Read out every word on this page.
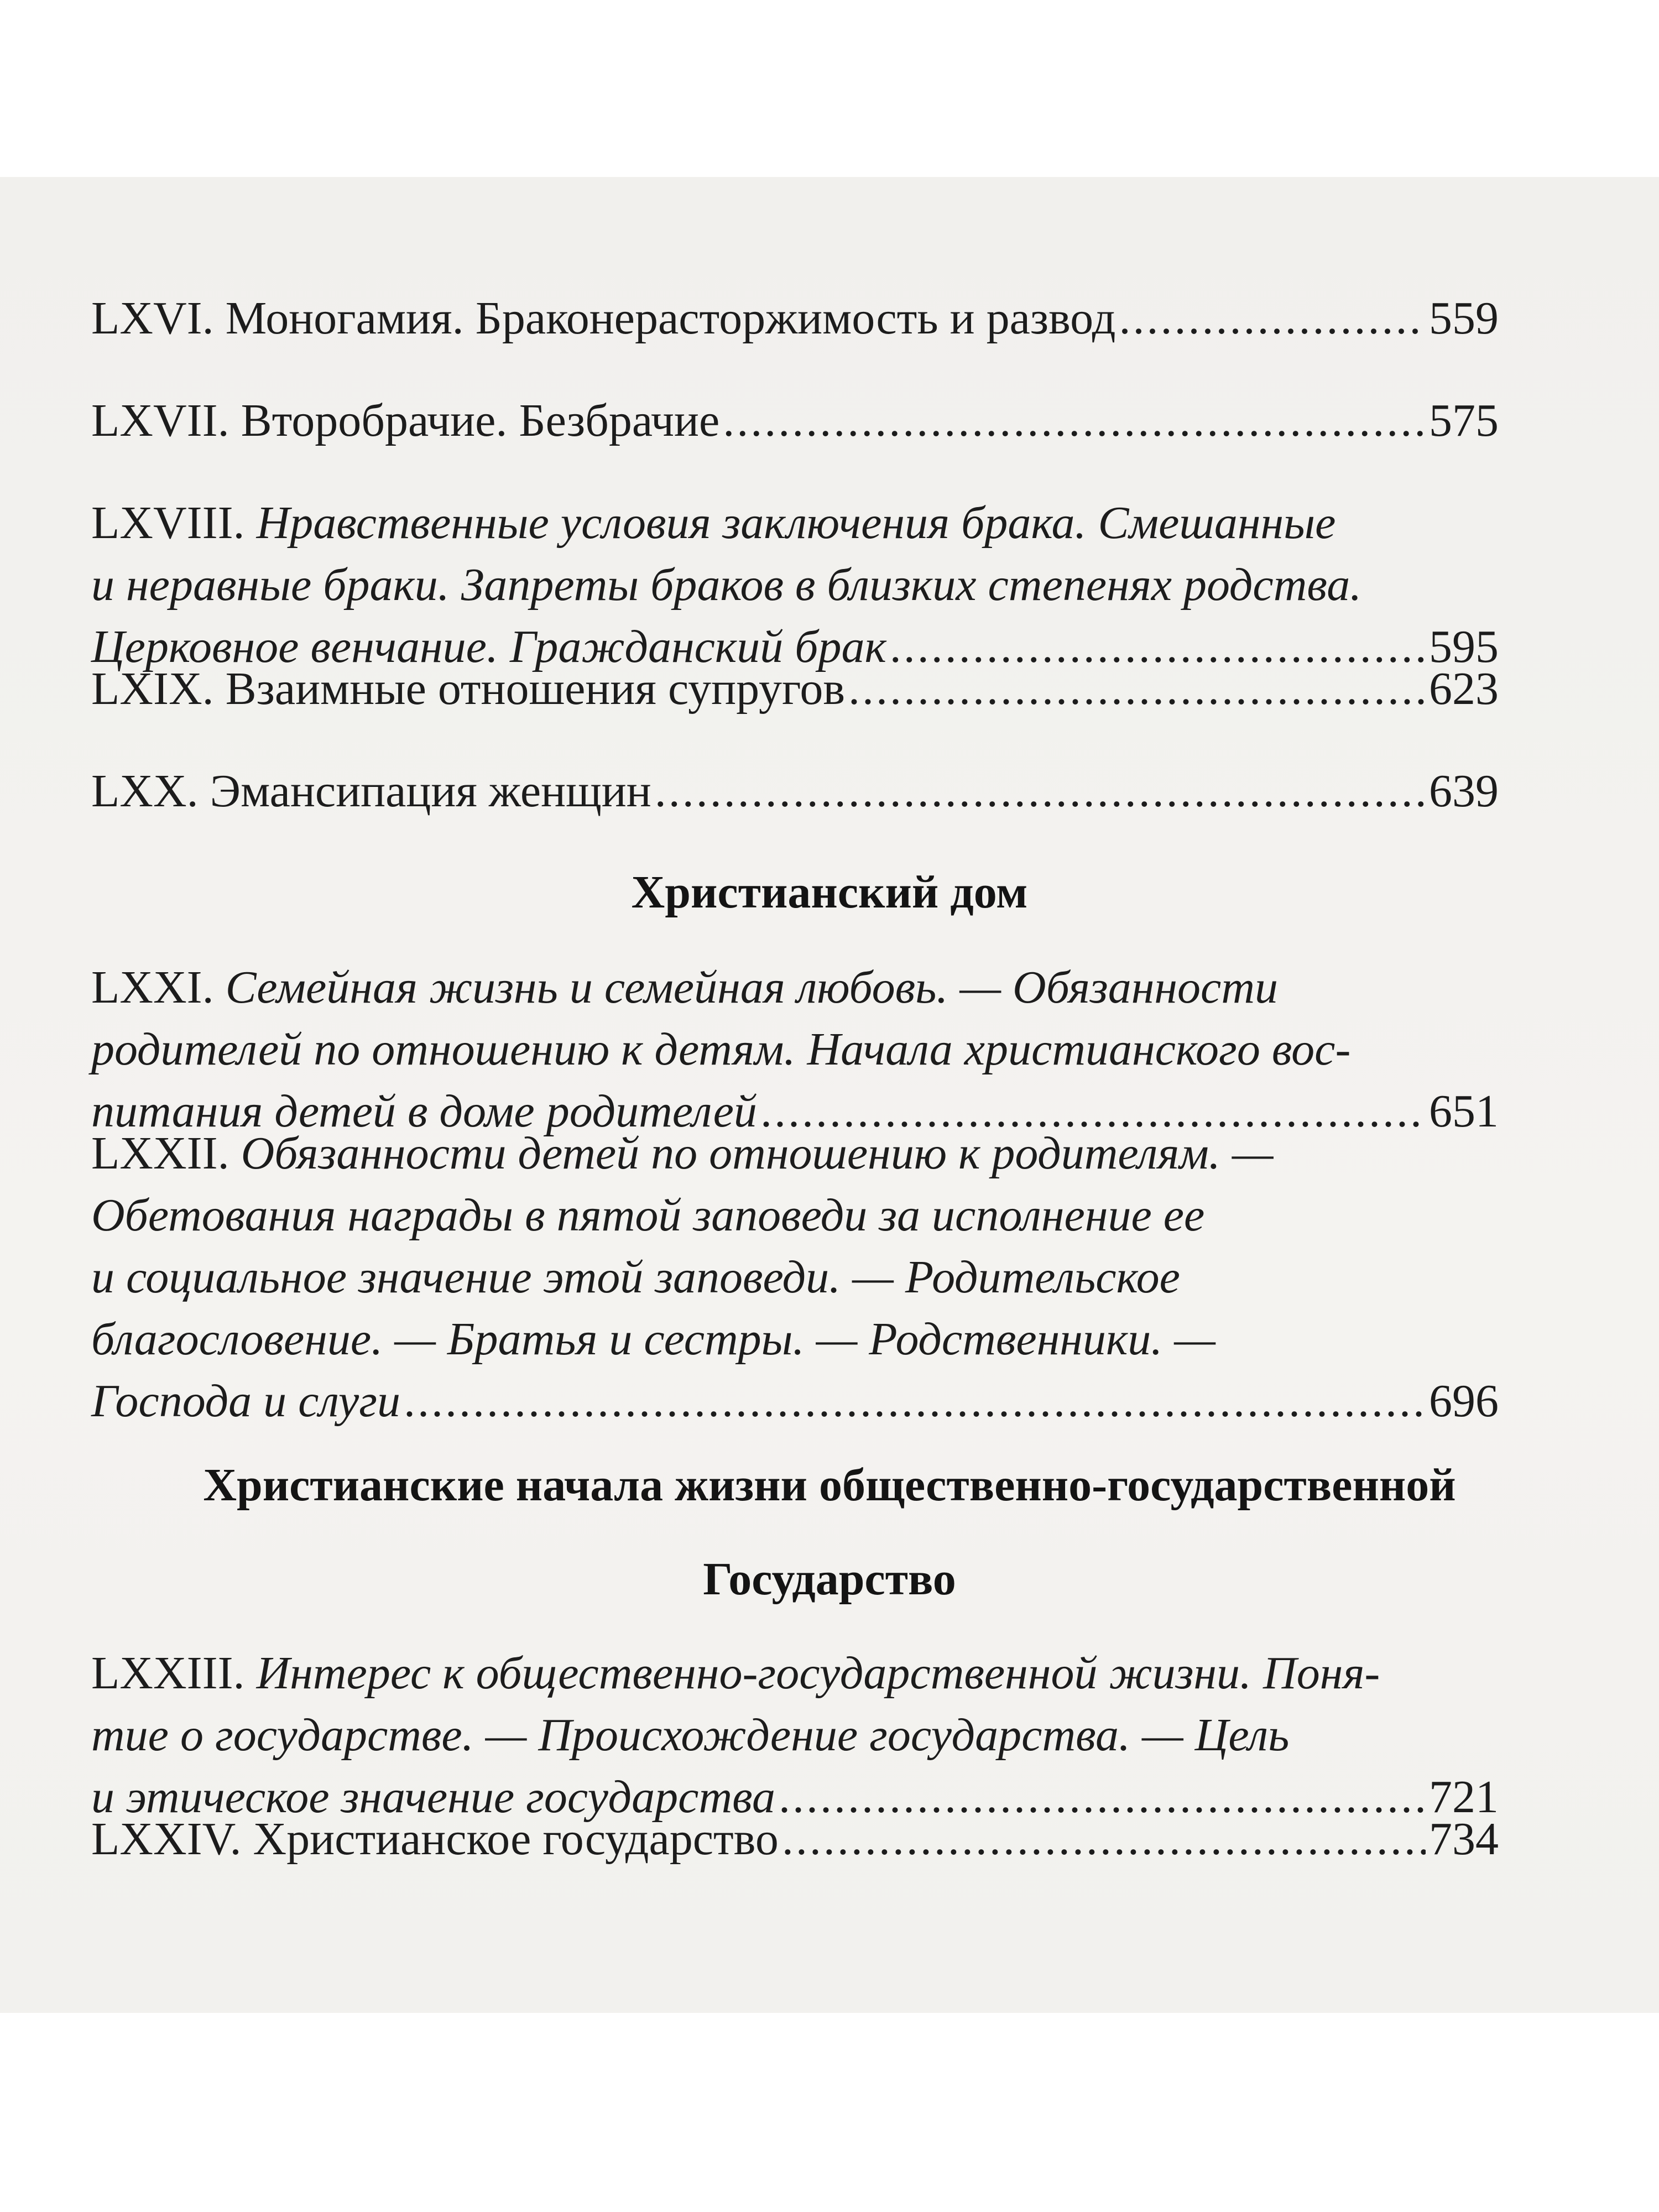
LXVI.
Моногамия. Браконерасторжимость и развод .....	559
LXVII.
Второбрачие. Безбрачие .....	575
LXVIII.
Нравственные условия заключения брака. Смешанные
и неравные браки. Запреты браков в близких степенях родства.
Церковное венчание. Гражданский брак .....	595
LXIX.
Взаимные отношения супругов .....	623
LXX.
Эмансипация женщин .....	639
Христианский дом
LXXI.
Семейная жизнь и семейная любовь. — Обязанности
родителей по отношению к детям. Начала христианского вос-
питания детей в доме родителей .....	651
LXXII.
Обязанности детей по отношению к родителям. —
Обетования награды в пятой заповеди за исполнение ее
и социальное значение этой заповеди. — Родительское
благословение. — Братья и сестры. — Родственники. —
Господа и слуги .....	696
Христианские начала жизни общественно-государственной
Государство
LXXIII.
Интерес к общественно-государственной жизни. Поня-
тие о государстве. — Происхождение государства. — Цель
и этическое значение государства .....	721
LXXIV.
Христианское государство .....	734
